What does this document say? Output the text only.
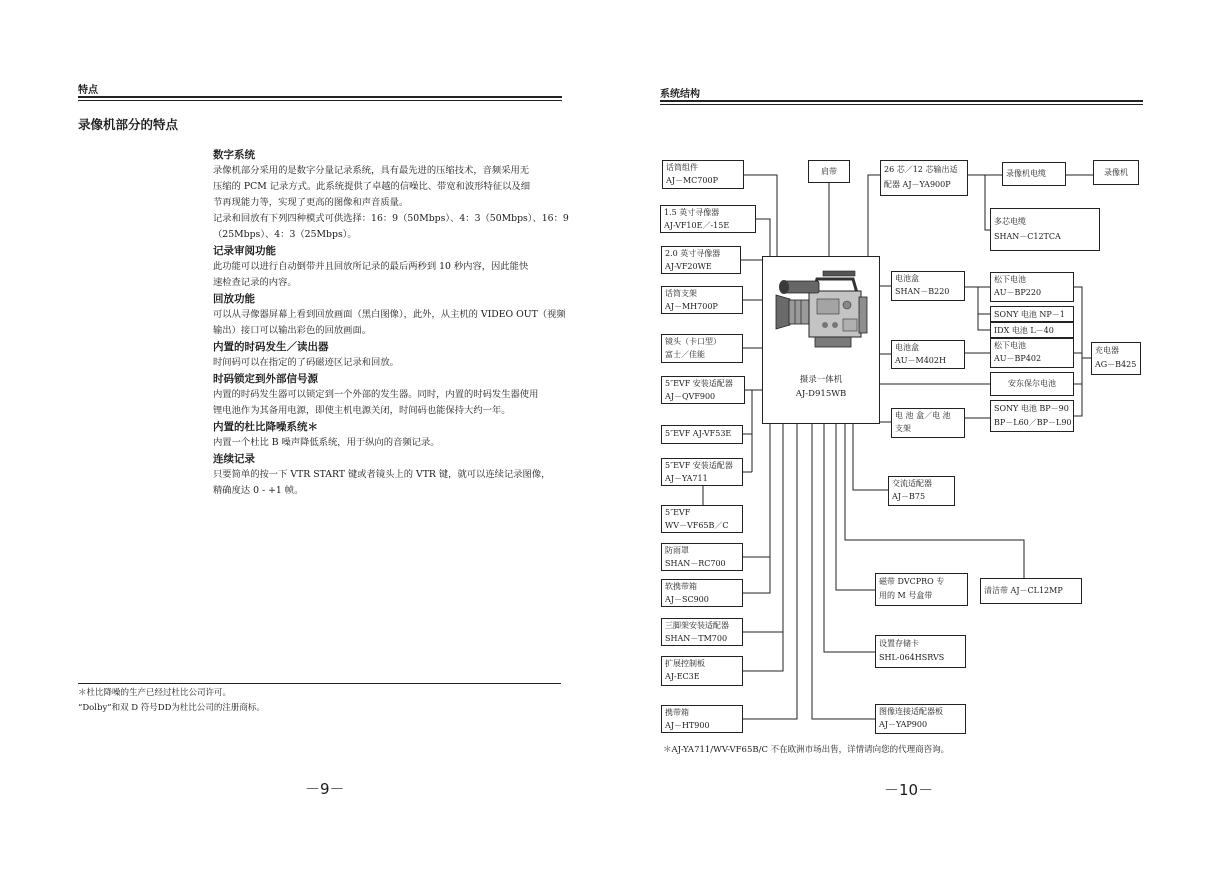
特点
录像机部分的特点
数字系统
录像机部分采用的是数字分量记录系统，具有最先进的压缩技术，音频采用无
压缩的 PCM 记录方式。此系统提供了卓越的信噪比、带宽和波形特征以及细
节再现能力等，实现了更高的图像和声音质量。
记录和回放有下列四种模式可供选择：16：9（50Mbps）、4：3（50Mbps）、16：9
（25Mbps）、4：3（25Mbps）。
记录审阅功能
此功能可以进行自动倒带并且回放所记录的最后两秒到 10 秒内容，因此能快
速检查记录的内容。
回放功能
可以从寻像器屏幕上看到回放画面（黑白图像），此外，从主机的 VIDEO OUT（视频
输出）接口可以输出彩色的回放画面。
内置的时码发生／读出器
时间码可以在指定的了码磁迹区记录和回放。
时码锁定到外部信号源
内置的时码发生器可以锁定到一个外部的发生器。同时，内置的时码发生器使用
锂电池作为其备用电源，即使主机电源关闭，时间码也能保持大约一年。
内置的杜比降噪系统＊
内置一个杜比 B 噪声降低系统，用于纵向的音频记录。
连续记录
只要简单的按一下 VTR START 键或者镜头上的 VTR 键，就可以连续记录图像，
精确度达 0 - +1 帧。
＊杜比降噪的生产已经过杜比公司许可。
“Dolby”和双 D 符号DD为杜比公司的注册商标。
－9－
系统结构
摄录一体机
AJ-D915WB
话筒组件
AJ－MC700P
1.5 英寸寻像器
AJ-VF10E／-15E
2.0 英寸寻像器
AJ-VF20WE
话筒支架
AJ－MH700P
镜头（卡口型）
富士／佳能
5″EVF 安装适配器
AJ－QVF900
5″EVF AJ-VF53E
5″EVF 安装适配器
AJ－YA711
5″EVF
WV－VF65B／C
防雨罩
SHAN－RC700
软携带箱
AJ－SC900
三脚架安装适配器
SHAN－TM700
扩展控制板
AJ-EC3E
携带箱
AJ－HT900
肩带	26 芯／12 芯输出适
配器 AJ－YA900P
录像机电缆	录像机
多芯电缆
SHAN－C12TCA
电池盒
SHAN－B220
松下电池
AU－BP220
SONY 电池 NP－1
IDX 电池 L－40
电池盒
AU－M402H
松下电池
AU－BP402
安东保尔电池
电 池 盒／电 池
支架
SONY 电池 BP－90
BP－L60／BP－L90
充电器
AG－B425
交流适配器
AJ－B75
磁带 DVCPRO 专
用的 M 号盒带
清洁带 AJ－CL12MP
设置存储卡
SHL-064HSRVS
图像连接适配器板
AJ－YAP900
＊AJ-YA711/WV-VF65B/C 不在欧洲市场出售，详情请向您的代理商咨询。
－10－
